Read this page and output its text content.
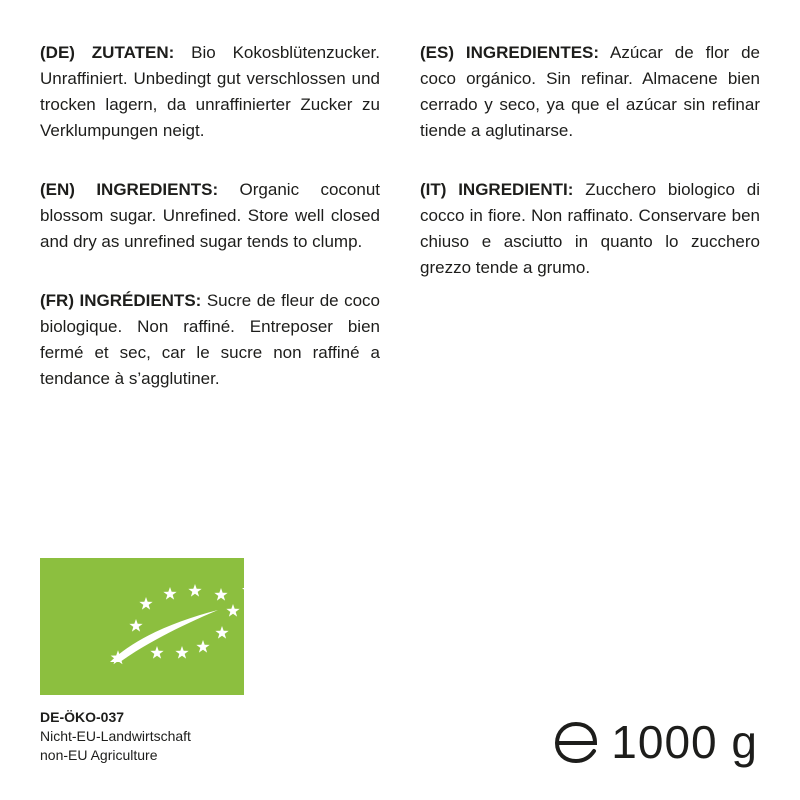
(DE) ZUTATEN: Bio Kokosblütenzucker. Unraffiniert. Unbedingt gut verschlossen und trocken lagern, da unraffinierter Zucker zu Verklumpungen neigt.

(EN) INGREDIENTS: Organic coconut blossom sugar. Unrefined. Store well closed and dry as unrefined sugar tends to clump.

(FR) INGRÉDIENTS: Sucre de fleur de coco biologique. Non raffiné. Entreposer bien fermé et sec, car le sucre non raffiné a tendance à s’agglutiner.

(ES) INGREDIENTES: Azúcar de flor de coco orgánico. Sin refinar. Almacene bien cerrado y seco, ya que el azúcar sin refinar tiende a aglutinarse.

(IT) INGREDIENTI: Zucchero biologico di cocco in fiore. Non raffinato. Conservare ben chiuso e asciutto in quanto lo zucchero grezzo tende a grumo.

DE-ÖKO-037
Nicht-EU-Landwirtschaft
non-EU Agriculture	1000 g
